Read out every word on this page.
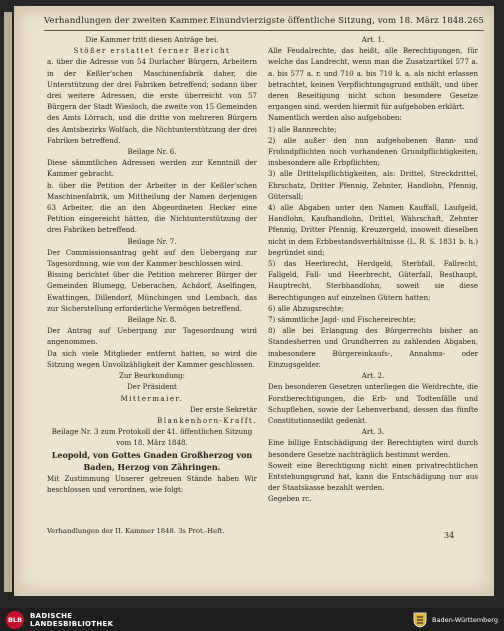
Verhandlungen der zweiten Kammer. Einundvierzigste öffentliche Sitzung, vom 18. März 1848. 265

Die Kammer tritt diesen Anträge bei.

Stößer erstattet ferner Bericht

a. über die Adresse von 54 Durlacher Bürgern, Arbeitern in der Keßler'schen Maschinenfabrik daher, die Unterstützung der drei Fabriken betreffend; sodann über drei weitere Adressen, die erste überreicht von 57 Bürgern der Stadt Wiesloch, die zweite von 15 Gemeinden des Amts Lörrach, und die dritte von mehreren Bürgern des Amtsbezirks Wolfach, die Nichtunterstützung der drei Fabriken betreffend.

Beilage Nr. 6.

Diese sämmtlichen Adressen werden zur Kenntniß der Kammer gebracht.

b. über die Petition der Arbeiter in der Keßler'schen Maschinenfabrik, um Mittheilung der Namen derjenigen 63 Arbeiter, die an den Abgeordneten Hecker eine Petition eingereicht hätten, die Nichtunterstützung der drei Fabriken betreffend.

Beilage Nr. 7.

Der Commissionsantrag geht auf den Uebergang zur Tagesordnung, wie von der Kammer beschlossen wird.

Bissing berichtet über die Petition mehrerer Bürger der Gemeinden Blumegg, Ueberachen, Achdorf, Aselfingen, Ewattingen, Dillendorf, Münchingen und Lembach, das zur Sicherstellung erforderliche Vermögen betreffend.

Beilage Nr. 8.

Der Antrag auf Uebergang zur Tagesordnung wird angenommen.

Da sich viele Mitglieder entfernt hatten, so wird die Sitzung wegen Unvollzähligkeit der Kammer geschlossen.

Zur Beurkundung:

Der Präsident

Mittermaier.

Der erste Sekretär

Blankenhorn-Krafft.

Beilage Nr. 3 zum Protokoll der 41. öffentlichen Sitzung vom 18. März 1848.

Leopold, von Gottes Gnaden Großherzog von Baden, Herzog von Zähringen.

Mit Zustimmung Unserer getreuen Stände haben Wir beschlossen und verordnen, wie folgt:

Art. 1.

Alle Feudalrechte, das heißt, alle Berechtigungen, für welche das Landrecht, wenn man die Zusatzartikel 577 a. a. bis 577 a. r. und 710 a. bis 710 k. a. als nicht erlassen betrachtet, keinen Verpflichtungsgrund enthält, und über deren Beseitigung nicht schon besondere Gesetze ergangen sind, werden hiermit für aufgehoben erklärt.

Namentlich werden also aufgehoben:

1) alle Bannrechte;

2) alle außer den nun aufgehobenen Bann- und Frohndpflichten noch vorhandenen Grundpflichtigkeiten, insbesondere alle Erbpflichten;

3) alle Drittelspflichtigkeiten, als: Drittel, Streckdrittel, Ehrschatz, Dritter Pfennig, Zehnter, Handlohn, Pfennig, Gütersall;

4) alle Abgaben unter den Namen Kauffall, Laufgeld, Handlohn, Kaufhandlohn, Drittel, Währschaft, Zehnter Pfennig, Dritter Pfennig, Kreuzergeld, insoweit dieselben nicht in dem Erbbestandsverhältnisse (L. R. S. 1831 b. h.) begründet sind;

5) das Heerbrecht, Herdgeld, Sterbfall, Fallrecht, Fallgeld, Fall- und Heerbrecht, Güterfall, Besthaupt, Hauptrecht, Sterbhandlohn, soweit sie diese Berechtigungen auf einzelnen Gütern hatten;

6) alle Abzugsrechte;

7) sämmtliche Jagd- und Fischereirechte;

8) alle bei Erlangung des Bürgerrechts bisher an Standesherren und Grundherren zu zahlenden Abgaben, insbesondere Bürgereinkaufs-, Annahms- oder Einzugsgelder.

Art. 2.

Den besonderen Gesetzen unterliegen die Weidrechte, die Forstberechtigungen, die Erb- und Todtenfälle und Schupflehen, sowie der Lehenverband, dessen das fünfte Constitutionsedikt gedenkt.

Art. 3.

Eine billige Entschädigung der Berechtigten wird durch besondere Gesetze nachträglich bestimmt werden.

Soweit eine Berechtigung nicht einen privatrechtlichen Entstehungsgrund hat, kann die Entschädigung nur aus der Staatskasse bezahlt werden.

Gegeben rc.

Verhandlungen der II. Kammer 1848. 3s Prot.-Heft.	34
BLB BADISCHE
LANDESBIBLIOTHEK	Baden-Württemberg
